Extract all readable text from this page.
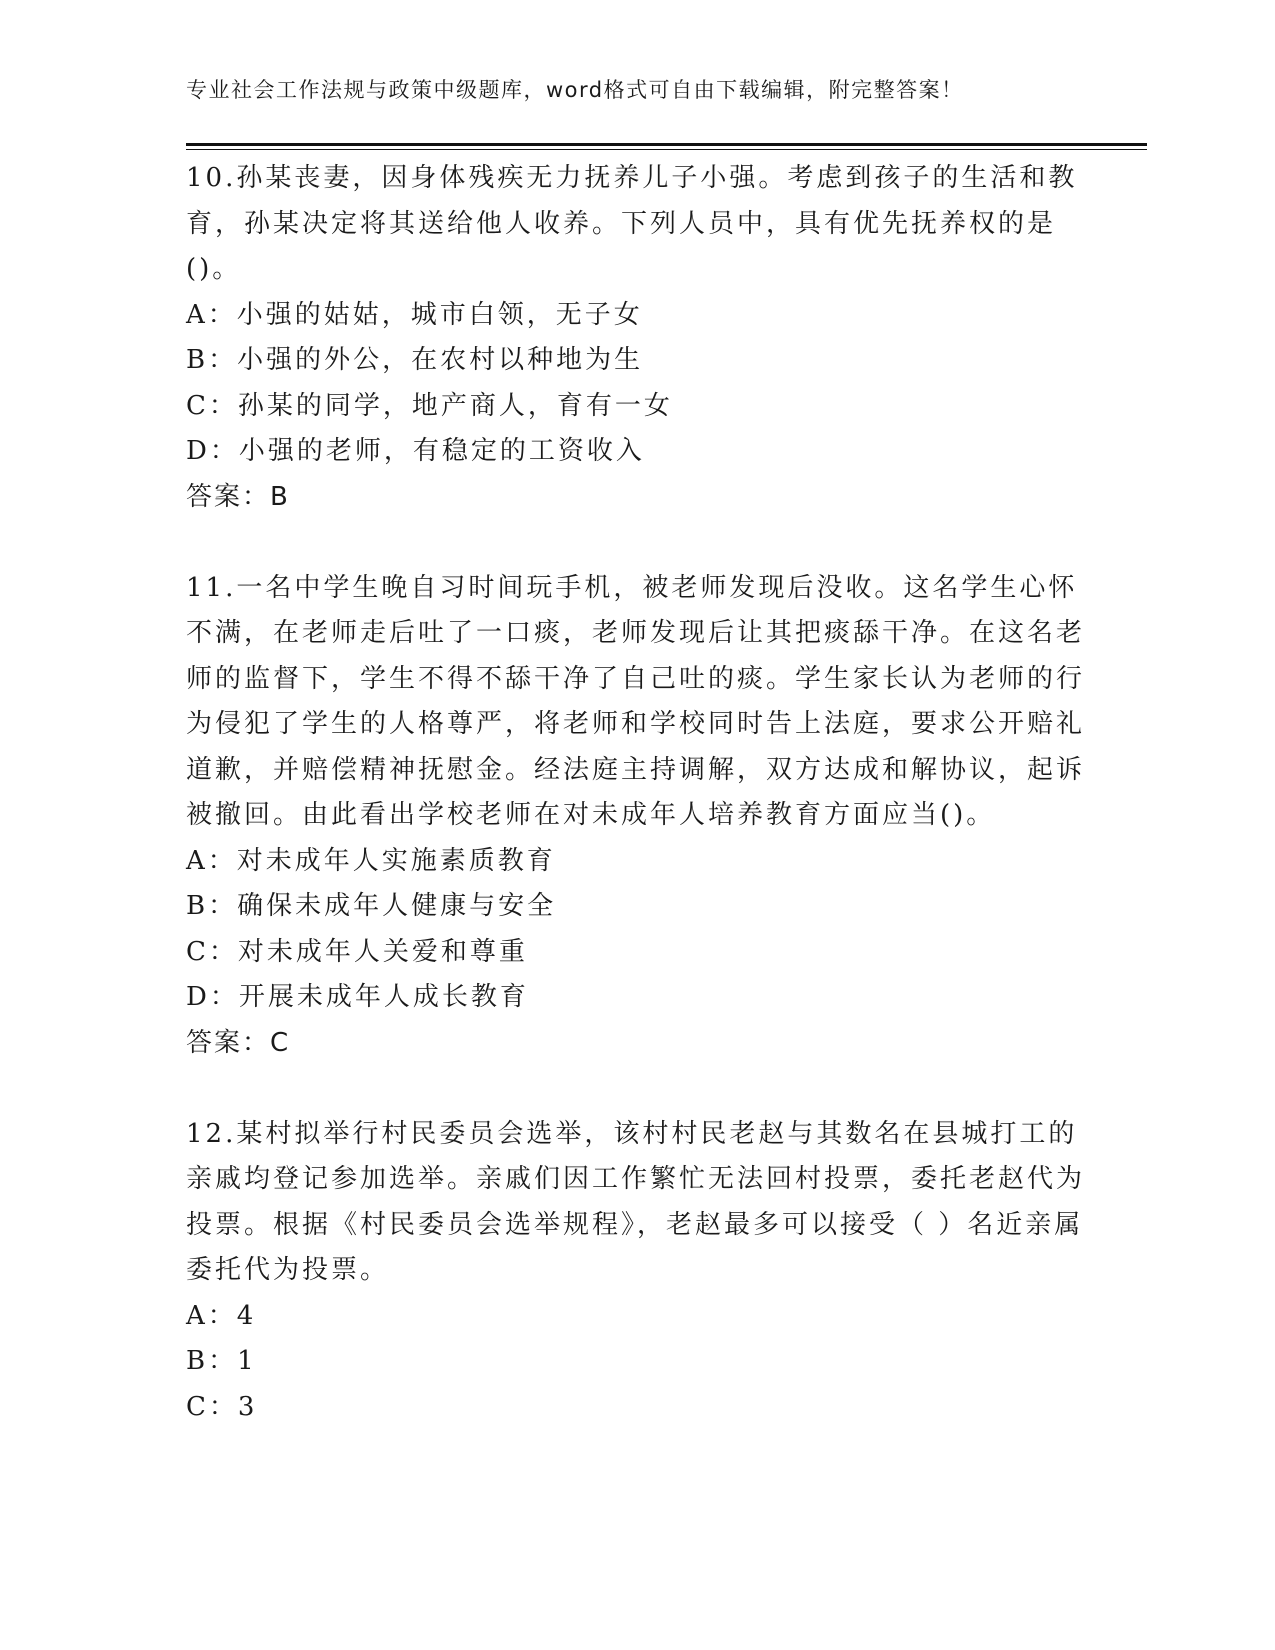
专业社会工作法规与政策中级题库，word格式可自由下载编辑，附完整答案！

10.孙某丧妻，因身体残疾无力抚养儿子小强。考虑到孩子的生活和教育，孙某决定将其送给他人收养。下列人员中，具有优先抚养权的是()。

A：小强的姑姑，城市白领，无子女

B：小强的外公，在农村以种地为生

C：孙某的同学，地产商人，育有一女

D：小强的老师，有稳定的工资收入

答案：B

11.一名中学生晚自习时间玩手机，被老师发现后没收。这名学生心怀不满，在老师走后吐了一口痰，老师发现后让其把痰舔干净。在这名老师的监督下，学生不得不舔干净了自己吐的痰。学生家长认为老师的行为侵犯了学生的人格尊严，将老师和学校同时告上法庭，要求公开赔礼道歉，并赔偿精神抚慰金。经法庭主持调解，双方达成和解协议，起诉被撤回。由此看出学校老师在对未成年人培养教育方面应当()。

A：对未成年人实施素质教育

B：确保未成年人健康与安全

C：对未成年人关爱和尊重

D：开展未成年人成长教育

答案：C

12.某村拟举行村民委员会选举，该村村民老赵与其数名在县城打工的亲戚均登记参加选举。亲戚们因工作繁忙无法回村投票，委托老赵代为投票。根据《村民委员会选举规程》，老赵最多可以接受（ ）名近亲属委托代为投票。

A：4

B：1

C：3
